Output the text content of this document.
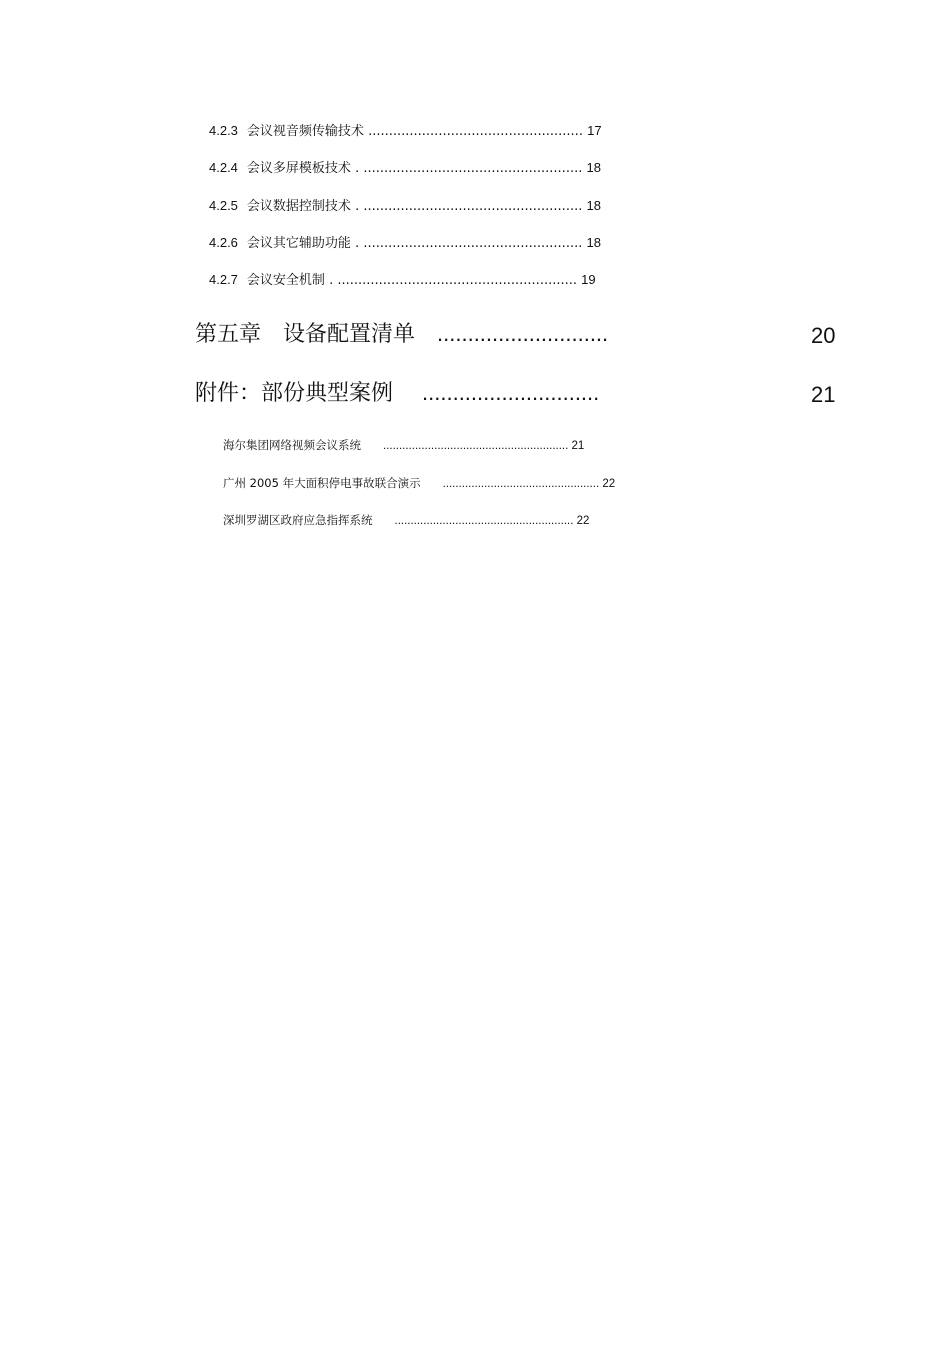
4.2.3 会议视音频传输技术 .................................................... 17
4.2.4 会议多屏模板技术 . ..................................................... 18
4.2.5 会议数据控制技术 . ..................................................... 18
4.2.6 会议其它辅助功能 . ..................................................... 18
4.2.7 会议安全机制 . .......................................................... 19
第五章　设备配置清单 ............................	20
附件：部份典型案例 .............................	21
海尔集团网络视频会议系统 .......................................................... 21
广州 2005 年大面积停电事故联合演示 ................................................. 22
深圳罗湖区政府应急指挥系统 ........................................................ 22
